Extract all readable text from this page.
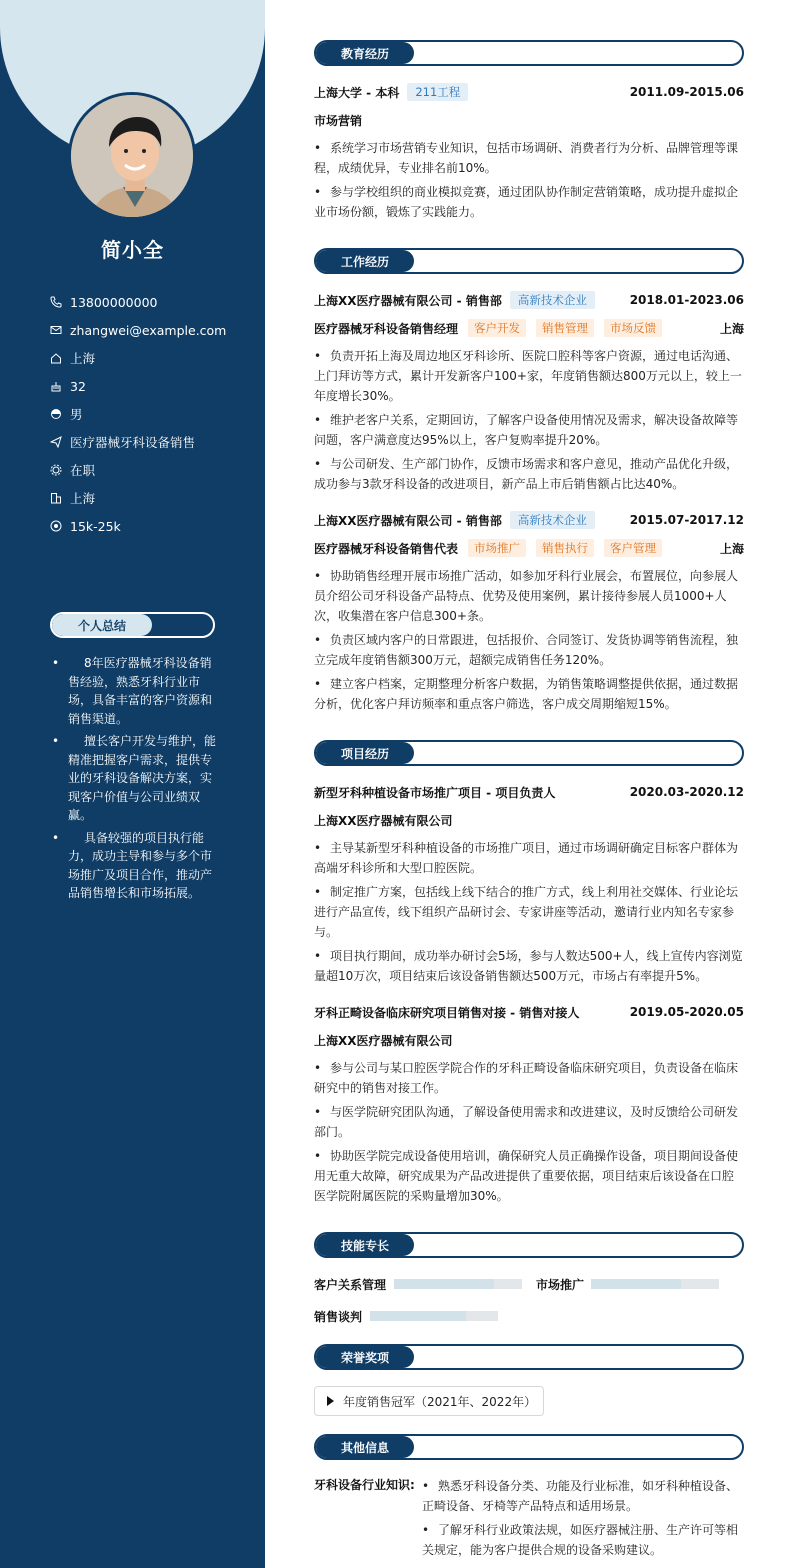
简小全
13800000000
zhangwei@example.com
上海
32
男
医疗器械牙科设备销售
在职
上海
15k-25k
个人总结
• 8年医疗器械牙科设备销售经验，熟悉牙科行业市场，具备丰富的客户资源和销售渠道。
• 擅长客户开发与维护，能精准把握客户需求，提供专业的牙科设备解决方案，实现客户价值与公司业绩双赢。
• 具备较强的项目执行能力，成功主导和参与多个市场推广及项目合作，推动产品销售增长和市场拓展。
教育经历
上海大学 - 本科	211工程	2011.09-2015.06
市场营销
• 系统学习市场营销专业知识，包括市场调研、消费者行为分析、品牌管理等课程，成绩优异，专业排名前10%。
• 参与学校组织的商业模拟竞赛，通过团队协作制定营销策略，成功提升虚拟企业市场份额，锻炼了实践能力。
工作经历
上海XX医疗器械有限公司 - 销售部	高新技术企业	2018.01-2023.06
医疗器械牙科设备销售经理	客户开发	销售管理	市场反馈	上海
• 负责开拓上海及周边地区牙科诊所、医院口腔科等客户资源，通过电话沟通、上门拜访等方式，累计开发新客户100+家，年度销售额达800万元以上，较上一年度增长30%。
• 维护老客户关系，定期回访，了解客户设备使用情况及需求，解决设备故障等问题，客户满意度达95%以上，客户复购率提升20%。
• 与公司研发、生产部门协作，反馈市场需求和客户意见，推动产品优化升级，成功参与3款牙科设备的改进项目，新产品上市后销售额占比达40%。
上海XX医疗器械有限公司 - 销售部	高新技术企业	2015.07-2017.12
医疗器械牙科设备销售代表	市场推广	销售执行	客户管理	上海
• 协助销售经理开展市场推广活动，如参加牙科行业展会，布置展位，向参展人员介绍公司牙科设备产品特点、优势及使用案例，累计接待参展人员1000+人次，收集潜在客户信息300+条。
• 负责区域内客户的日常跟进，包括报价、合同签订、发货协调等销售流程，独立完成年度销售额300万元，超额完成销售任务120%。
• 建立客户档案，定期整理分析客户数据，为销售策略调整提供依据，通过数据分析，优化客户拜访频率和重点客户筛选，客户成交周期缩短15%。
项目经历
新型牙科种植设备市场推广项目 - 项目负责人	2020.03-2020.12
上海XX医疗器械有限公司
• 主导某新型牙科种植设备的市场推广项目，通过市场调研确定目标客户群体为高端牙科诊所和大型口腔医院。
• 制定推广方案，包括线上线下结合的推广方式，线上利用社交媒体、行业论坛进行产品宣传，线下组织产品研讨会、专家讲座等活动，邀请行业内知名专家参与。
• 项目执行期间，成功举办研讨会5场，参与人数达500+人，线上宣传内容浏览量超10万次，项目结束后该设备销售额达500万元，市场占有率提升5%。
牙科正畸设备临床研究项目销售对接 - 销售对接人	2019.05-2020.05
上海XX医疗器械有限公司
• 参与公司与某口腔医学院合作的牙科正畸设备临床研究项目，负责设备在临床研究中的销售对接工作。
• 与医学院研究团队沟通，了解设备使用需求和改进建议，及时反馈给公司研发部门。
• 协助医学院完成设备使用培训，确保研究人员正确操作设备，项目期间设备使用无重大故障，研究成果为产品改进提供了重要依据，项目结束后该设备在口腔医学院附属医院的采购量增加30%。
技能专长
客户关系管理	市场推广
销售谈判
荣誉奖项
年度销售冠军（2021年、2022年）
其他信息
牙科设备行业知识:
•	熟悉牙科设备分类、功能及行业标准，如牙科种植设备、正畸设备、牙椅等产品特点和适用场景。
• 了解牙科行业政策法规，如医疗器械注册、生产许可等相关规定，能为客户提供合规的设备采购建议。
